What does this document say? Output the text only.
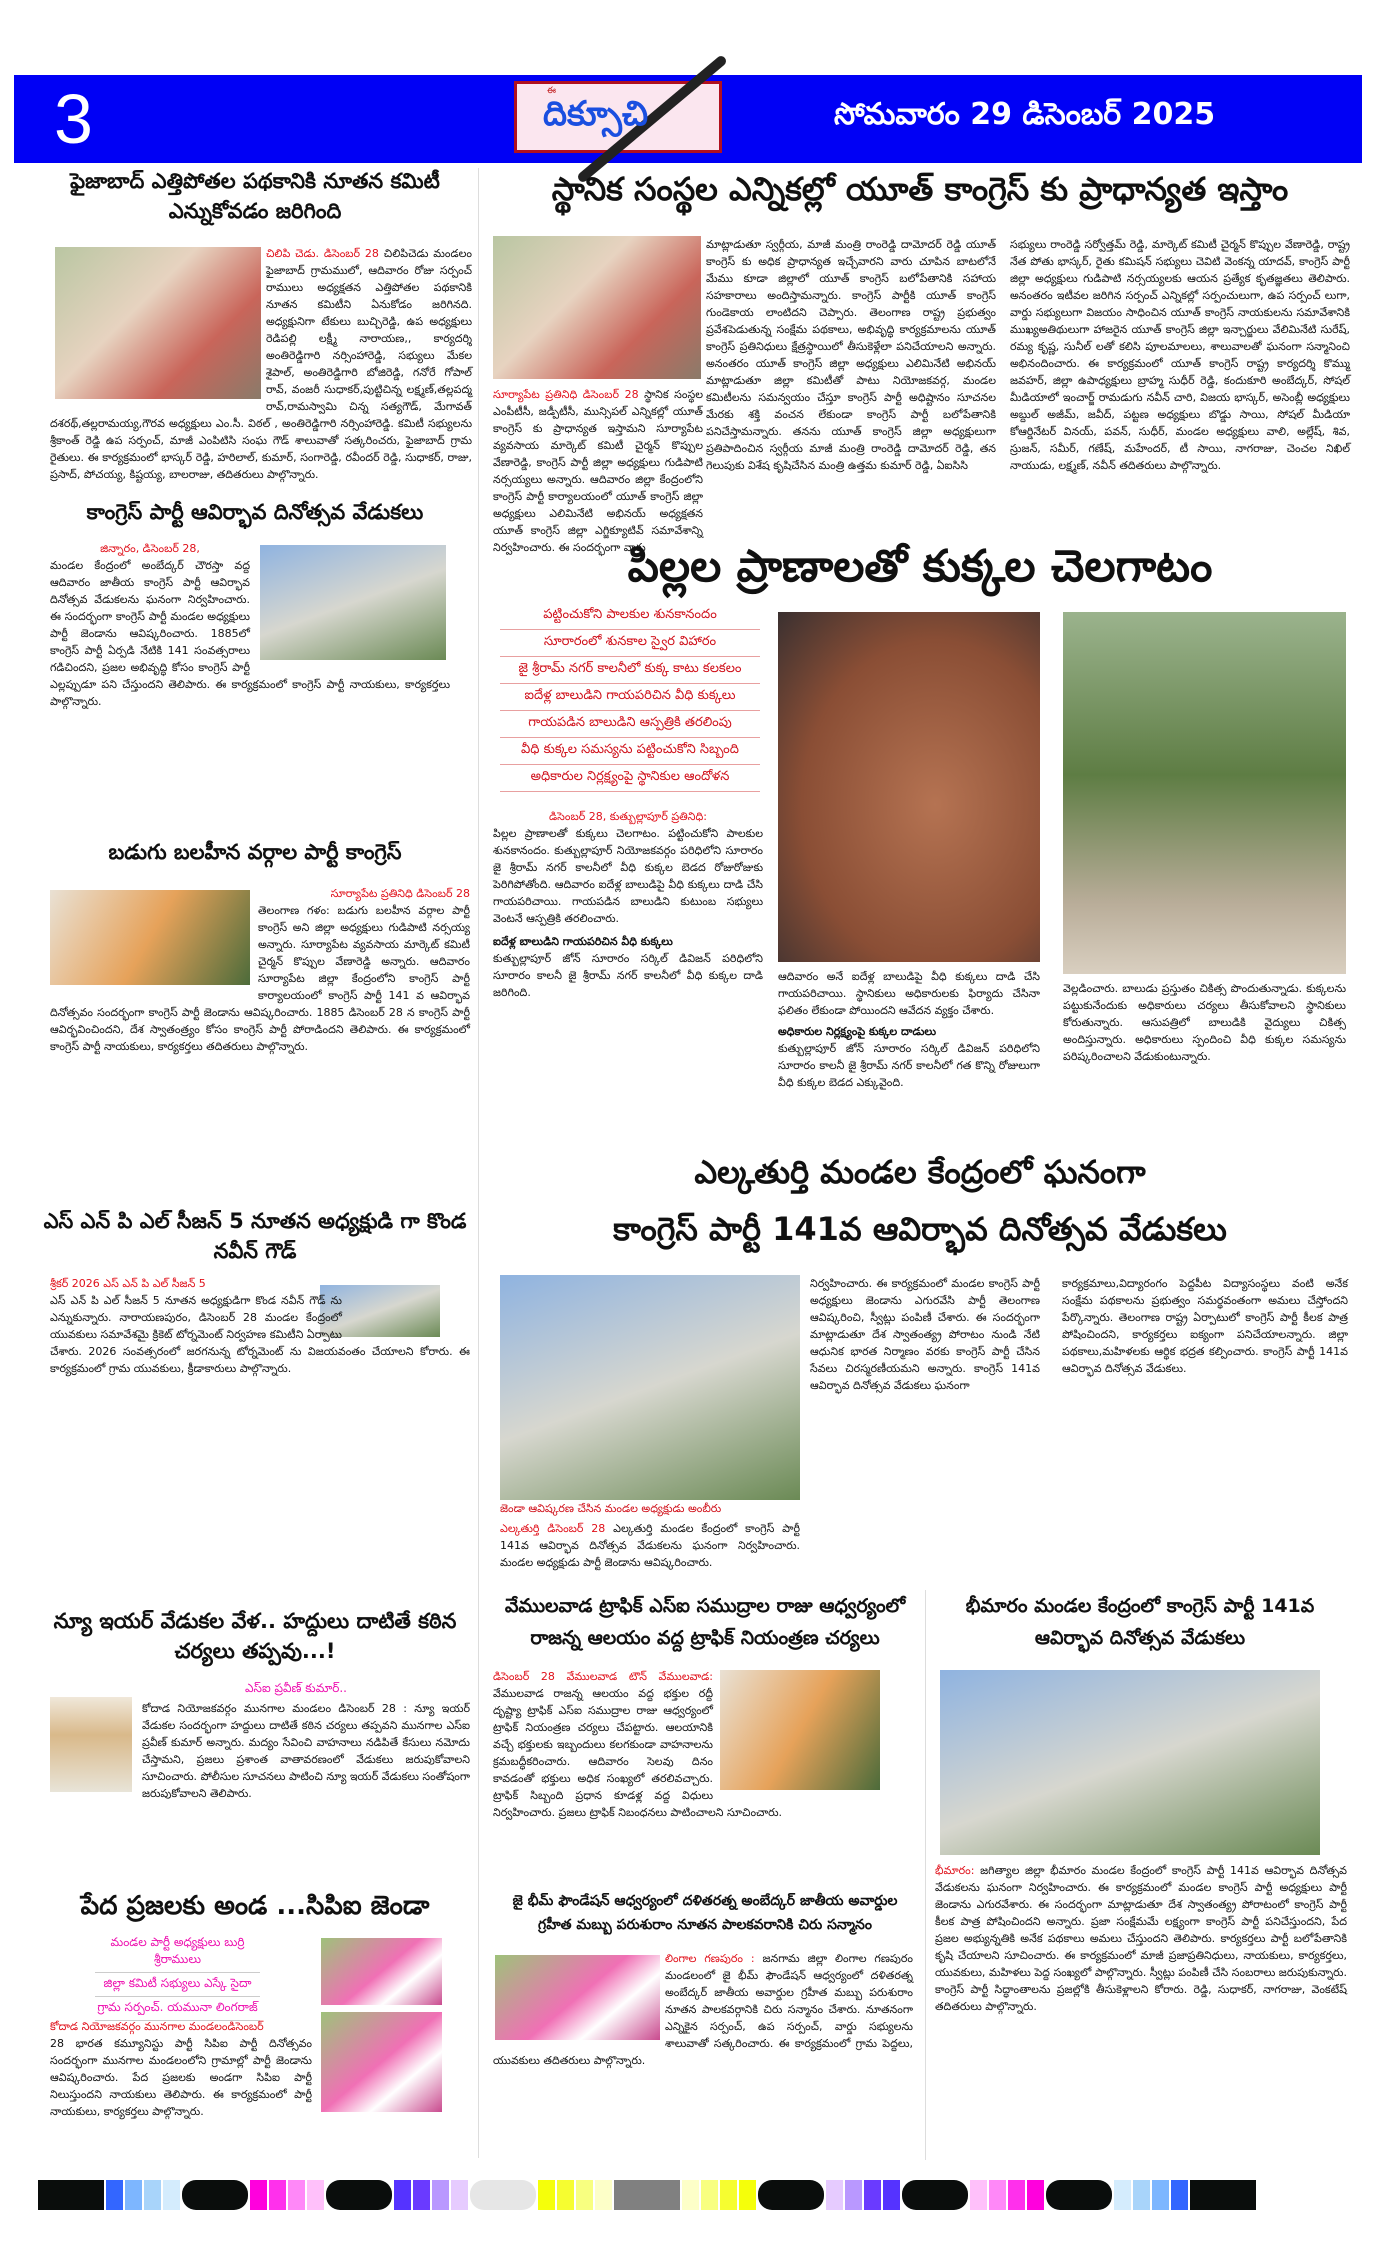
3	ఈ
దిక్సూచి	సోమవారం 29 డిసెంబర్ 2025
ఫైజాబాద్ ఎత్తిపోతల పథకానికి నూతన కమిటీ ఎన్నుకోవడం జరిగింది
చిలిపి చెడు. డిసెంబర్ 28 చిలిపిచెడు మండలం ఫైజాబాద్ గ్రామములో, ఆదివారం రోజు సర్పంచ్ రాములు అధ్యక్షతన ఎత్తిపోతల పథకానికి నూతన కమిటీని ఏనుకోడం జరిగినది. అధ్యక్షునిగా టేకులు బుచ్చిరెడ్డి, ఉప అధ్యక్షులు రెడిపల్లి లక్ష్మీ నారాయణ,, కార్యదర్శి అంతిరెడ్డిగారి నర్సింహారెడ్డి, సభ్యులు మేకల శైపాల్, అంతిరెడ్డిగారి బోజిరెడ్డి, గనోరే గోపాల్ రావ్, వంజరీ సుధాకర్,పుట్టిచిన్న లక్ష్మణ్,తల్లపద్మ రావ్,రామస్వామి చిన్న సత్యగౌడ్, మేగావత్ దశరథ్,తల్లరామయ్య,గౌరవ అధ్యక్షులు ఎం.సీ. విఠల్ , అంతిరెడ్డిగారి నర్సింహారెడ్డి. కమిటీ సభ్యులను శ్రీకాంత్ రెడ్డి ఉప సర్పంచ్, మాజీ ఎంపిటిసి సంఘ గౌడ్ శాలువాతో సత్కరించరు, ఫైజాబాద్ గ్రామ రైతులు. ఈ కార్యక్రమంలో భాస్కర్ రెడ్డి, హరిలాల్, కుమార్, సంగారెడ్డి, రవీందర్ రెడ్డి, సుధాకర్, రాజు, ప్రసాద్, పోచయ్య, కిష్టయ్య, బాలరాజు, తదితరులు పాల్గొన్నారు.
కాంగ్రెస్ పార్టీ ఆవిర్భావ దినోత్సవ వేడుకలు
జిన్నారం, డిసెంబర్ 28,
మండల కేంద్రంలో అంబేద్కర్ చౌరస్తా వద్ద ఆదివారం జాతీయ కాంగ్రెస్ పార్టీ ఆవిర్భావ దినోత్సవ వేడుకలను ఘనంగా నిర్వహించారు. ఈ సందర్భంగా కాంగ్రెస్ పార్టీ మండల అధ్యక్షులు పార్టీ జెండాను ఆవిష్కరించారు. 1885లో కాంగ్రెస్ పార్టీ ఏర్పడి నేటికి 141 సంవత్సరాలు గడిచిందని, ప్రజల అభివృద్ధి కోసం కాంగ్రెస్ పార్టీ ఎల్లప్పుడూ పని చేస్తుందని తెలిపారు. ఈ కార్యక్రమంలో కాంగ్రెస్ పార్టీ నాయకులు, కార్యకర్తలు పాల్గొన్నారు.
బడుగు బలహీన వర్గాల పార్టీ కాంగ్రెస్
సూర్యాపేట ప్రతినిధి డిసెంబర్ 28
తెలంగాణ గళం: బడుగు బలహీన వర్గాల పార్టీ కాంగ్రెస్ అని జిల్లా అధ్యక్షులు గుడిపాటి నర్సయ్య అన్నారు. సూర్యాపేట వ్యవసాయ మార్కెట్ కమిటీ చైర్మన్ కొప్పుల వేణారెడ్డి అన్నారు. ఆదివారం సూర్యాపేట జిల్లా కేంద్రంలోని కాంగ్రెస్ పార్టీ కార్యాలయంలో కాంగ్రెస్ పార్టీ 141 వ ఆవిర్భావ దినోత్సవం సందర్భంగా కాంగ్రెస్ పార్టీ జెండాను ఆవిష్కరించారు. 1885 డిసెంబర్ 28 న కాంగ్రెస్ పార్టీ ఆవిర్భవించిందని, దేశ స్వాతంత్ర్యం కోసం కాంగ్రెస్ పార్టీ పోరాడిందని తెలిపారు. ఈ కార్యక్రమంలో కాంగ్రెస్ పార్టీ నాయకులు, కార్యకర్తలు తదితరులు పాల్గొన్నారు.
ఎస్ ఎన్ పి ఎల్ సీజన్ 5 నూతన అధ్యక్షుడి గా కొండ నవీన్ గౌడ్
శ్రీకర్ 2026 ఎస్ ఎన్ పి ఎల్ సీజన్ 5
ఎస్ ఎన్ పి ఎల్ సీజన్ 5 నూతన అధ్యక్షుడిగా కొండ నవీన్ గౌడ్ ను ఎన్నుకున్నారు. నారాయణపురం, డిసెంబర్ 28 మండల కేంద్రంలో యువకులు సమావేశమై క్రికెట్ టోర్నమెంట్ నిర్వహణ కమిటీని ఏర్పాటు చేశారు. 2026 సంవత్సరంలో జరగనున్న టోర్నమెంట్ ను విజయవంతం చేయాలని కోరారు. ఈ కార్యక్రమంలో గ్రామ యువకులు, క్రీడాకారులు పాల్గొన్నారు.
న్యూ ఇయర్ వేడుకల వేళ.. హద్దులు దాటితే కఠిన చర్యలు తప్పవు...!
ఎస్ఐ ప్రవీణ్ కుమార్..
కోదాడ నియోజకవర్గం మునగాల మండలం డిసెంబర్ 28 : న్యూ ఇయర్ వేడుకల సందర్భంగా హద్దులు దాటితే కఠిన చర్యలు తప్పవని మునగాల ఎస్ఐ ప్రవీణ్ కుమార్ అన్నారు. మద్యం సేవించి వాహనాలు నడిపితే కేసులు నమోదు చేస్తామని, ప్రజలు ప్రశాంత వాతావరణంలో వేడుకలు జరుపుకోవాలని సూచించారు. పోలీసుల సూచనలు పాటించి న్యూ ఇయర్ వేడుకలు సంతోషంగా జరుపుకోవాలని తెలిపారు.
పేద ప్రజలకు అండ ...సిపిఐ జెండా
మండల పార్టీ అధ్యక్షులు బుర్రి శ్రీరాములు
జిల్లా కమిటీ సభ్యులు ఎస్కే సైదా
గ్రామ సర్పంచ్. యమునా లింగరాజ్
కోదాడ నియోజకవర్గం మునగాల మండలండిసెంబర్
28 భారత కమ్యూనిస్టు పార్టీ సిపిఐ పార్టీ దినోత్సవం సందర్భంగా మునగాల మండలంలోని గ్రామాల్లో పార్టీ జెండాను ఆవిష్కరించారు. పేద ప్రజలకు అండగా సిపిఐ పార్టీ నిలుస్తుందని నాయకులు తెలిపారు. ఈ కార్యక్రమంలో పార్టీ నాయకులు, కార్యకర్తలు పాల్గొన్నారు.
స్థానిక సంస్థల ఎన్నికల్లో యూత్ కాంగ్రెస్ కు ప్రాధాన్యత ఇస్తాం
సూర్యాపేట ప్రతినిధి డిసెంబర్ 28 స్థానిక సంస్థల ఎంపీటీసీ, జడ్పీటీసీ, మున్సిపల్ ఎన్నికల్లో యూత్ కాంగ్రెస్ కు ప్రాధాన్యత ఇస్తామని సూర్యాపేట వ్యవసాయ మార్కెట్ కమిటీ చైర్మన్ కొప్పుల వేణారెడ్డి, కాంగ్రెస్ పార్టీ జిల్లా అధ్యక్షులు గుడిపాటి నర్సయ్యలు అన్నారు. ఆదివారం జిల్లా కేంద్రంలోని కాంగ్రెస్ పార్టీ కార్యాలయంలో యూత్ కాంగ్రెస్ జిల్లా అధ్యక్షులు ఎలిమినేటి అభినయ్ అధ్యక్షతన యూత్ కాంగ్రెస్ జిల్లా ఎగ్జిక్యూటివ్ సమావేశాన్ని నిర్వహించారు. ఈ సందర్భంగా వారు
మాట్లాడుతూ స్వర్గీయ, మాజీ మంత్రి రాంరెడ్డి దామోదర్ రెడ్డి యూత్ కాంగ్రెస్ కు అధిక ప్రాధాన్యత ఇచ్చేవారని వారు చూపిన బాటలోనే మేము కూడా జిల్లాలో యూత్ కాంగ్రెస్ బలోపేతానికి సహాయ సహకారాలు అందిస్తామన్నారు. కాంగ్రెస్ పార్టీకి యూత్ కాంగ్రెస్ గుండెకాయ లాంటిదని చెప్పారు. తెలంగాణ రాష్ట్ర ప్రభుత్వం ప్రవేశపెడుతున్న సంక్షేమ పథకాలు, అభివృద్ధి కార్యక్రమాలను యూత్ కాంగ్రెస్ ప్రతినిధులు క్షేత్రస్థాయిలో తీసుకెళ్లేలా పనిచేయాలని అన్నారు. అనంతరం యూత్ కాంగ్రెస్ జిల్లా అధ్యక్షులు ఎలిమినేటి అభినయ్ మాట్లాడుతూ జిల్లా కమిటీతో పాటు నియోజకవర్గ, మండల కమిటీలను సమన్వయం చేస్తూ కాంగ్రెస్ పార్టీ అధిష్టానం సూచనల మేరకు శక్తి వంచన లేకుండా కాంగ్రెస్ పార్టీ బలోపేతానికి పనిచేస్తామన్నారు. తనను యూత్ కాంగ్రెస్ జిల్లా అధ్యక్షులుగా ప్రతిపాదించిన స్వర్గీయ మాజీ మంత్రి రాంరెడ్డి దామోదర్ రెడ్డి, తన గెలుపుకు విశేష కృషిచేసిన మంత్రి ఉత్తమ కుమార్ రెడ్డి, ఏఐసిసి
సభ్యులు రాంరెడ్డి సర్వోత్తమ్ రెడ్డి, మార్కెట్ కమిటీ చైర్మన్ కొప్పుల వేణారెడ్డి, రాష్ట్ర నేత పోతు భాస్కర్, రైతు కమిషన్ సభ్యులు చెవిటి వెంకన్న యాదవ్, కాంగ్రెస్ పార్టీ జిల్లా అధ్యక్షులు గుడిపాటి నర్సయ్యలకు ఆయన ప్రత్యేక కృతజ్ఞతలు తెలిపారు. అనంతరం ఇటీవల జరిగిన సర్పంచ్ ఎన్నికల్లో సర్పంచులుగా, ఉప సర్పంచ్ లుగా, వార్డు సభ్యులుగా విజయం సాధించిన యూత్ కాంగ్రెస్ నాయకులను సమావేశానికి ముఖ్యఅతిథులుగా హాజరైన యూత్ కాంగ్రెస్ జిల్లా ఇన్చార్జులు వేలిమినేటి సురేష్, రమ్య కృష్ణ, సునీల్ లతో కలిసి పూలమాలలు, శాలువాలతో ఘనంగా సన్మానించి అభినందించారు. ఈ కార్యక్రమంలో యూత్ కాంగ్రెస్ రాష్ట్ర కార్యదర్శి కొమ్ము జవహర్, జిల్లా ఉపాధ్యక్షులు బ్రాహ్మ సుధీర్ రెడ్డి, కందుకూరి అంబేద్కర్, సోషల్ మీడియాలో ఇంచార్జ్ రామడుగు నవీన్ చారి, విజయ భాస్కర్, అసెంబ్లీ అధ్యక్షులు అబ్దుల్ అజీమ్, జవీద్, పట్టణ అధ్యక్షులు బొడ్డు సాయి, సోషల్ మీడియా కోఆర్డినేటర్ వినయ్, పవన్, సుధీర్, మండల అధ్యక్షులు వాలి, అల్లేష్, శివ, స్రుజన్, సమీర్, గణేష్, మహేందర్, టీ సాయి, నాగరాజు, చెంచల నిఖిల్ నాయుడు, లక్ష్మణ్, నవీన్ తదితరులు పాల్గొన్నారు.
పిల్లల ప్రాణాలతో కుక్కల చెలగాటం
పట్టించుకోని పాలకుల శునకానందం
సూరారంలో శునకాల స్వైర విహారం
జై శ్రీరామ్ నగర్ కాలనీలో కుక్క కాటు కలకలం
ఐదేళ్ల బాలుడిని గాయపరిచిన వీధి కుక్కలు
గాయపడిన బాలుడిని ఆస్పత్రికి తరలింపు
వీధి కుక్కల సమస్యను పట్టించుకోని సిబ్బంది
అధికారుల నిర్లక్ష్యంపై స్థానికుల ఆందోళన
డిసెంబర్ 28, కుత్బుల్లాపూర్ ప్రతినిధి:
పిల్లల ప్రాణాలతో కుక్కలు చెలగాటం. పట్టించుకోని పాలకుల శునకానందం. కుత్బుల్లాపూర్ నియోజకవర్గం పరిధిలోని సూరారం జై శ్రీరామ్ నగర్ కాలనీలో వీధి కుక్కల బెడద రోజురోజుకు పెరిగిపోతోంది. ఆదివారం ఐదేళ్ల బాలుడిపై వీధి కుక్కలు దాడి చేసి గాయపరిచాయి. గాయపడిన బాలుడిని కుటుంబ సభ్యులు వెంటనే ఆస్పత్రికి తరలించారు.
ఐదేళ్ల బాలుడిని గాయపరిచిన వీధి కుక్కలు
కుత్బుల్లాపూర్ జోన్ సూరారం సర్కిల్ డివిజన్ పరిధిలోని సూరారం కాలనీ జై శ్రీరామ్ నగర్ కాలనీలో వీధి కుక్కల దాడి జరిగింది.
ఆదివారం అనే ఐదేళ్ల బాలుడిపై వీధి కుక్కలు దాడి చేసి గాయపరిచాయి. స్థానికులు అధికారులకు ఫిర్యాదు చేసినా ఫలితం లేకుండా పోయిందని ఆవేదన వ్యక్తం చేశారు.
అధికారుల నిర్లక్ష్యంపై కుక్కల దాడులు
కుత్బుల్లాపూర్ జోన్ సూరారం సర్కిల్ డివిజన్ పరిధిలోని సూరారం కాలనీ జై శ్రీరామ్ నగర్ కాలనీలో గత కొన్ని రోజులుగా వీధి కుక్కల బెడద ఎక్కువైంది.
వెల్లడించారు. బాలుడు ప్రస్తుతం చికిత్స పొందుతున్నాడు. కుక్కలను పట్టుకునేందుకు అధికారులు చర్యలు తీసుకోవాలని స్థానికులు కోరుతున్నారు. ఆసుపత్రిలో బాలుడికి వైద్యులు చికిత్స అందిస్తున్నారు. అధికారులు స్పందించి వీధి కుక్కల సమస్యను పరిష్కరించాలని వేడుకుంటున్నారు.
ఎల్కతుర్తి మండల కేంద్రంలో ఘనంగా
కాంగ్రెస్ పార్టీ 141వ ఆవిర్భావ దినోత్సవ వేడుకలు
జెండా ఆవిష్కరణ చేసిన మండల అధ్యక్షుడు అంబీరు
ఎల్కతుర్తి డిసెంబర్ 28 ఎల్కతుర్తి మండల కేంద్రంలో కాంగ్రెస్ పార్టీ 141వ ఆవిర్భావ దినోత్సవ వేడుకలను ఘనంగా నిర్వహించారు. మండల అధ్యక్షుడు పార్టీ జెండాను ఆవిష్కరించారు.
నిర్వహించారు. ఈ కార్యక్రమంలో మండల కాంగ్రెస్ పార్టీ అధ్యక్షులు జెండాను ఎగురవేసి పార్టీ తెలంగాణ ఆవిష్కరించి, స్వీట్లు పంపిణీ చేశారు. ఈ సందర్భంగా మాట్లాడుతూ దేశ స్వాతంత్య్ర పోరాటం నుండి నేటి ఆధునిక భారత నిర్మాణం వరకు కాంగ్రెస్ పార్టీ చేసిన సేవలు చిరస్మరణీయమని అన్నారు. కాంగ్రెస్ 141వ ఆవిర్భావ దినోత్సవ వేడుకలు ఘనంగా
కార్యక్రమాలు,విద్యారంగం పెద్దపీట విద్యాసంస్థలు వంటి అనేక సంక్షేమ పథకాలను ప్రభుత్వం సమర్థవంతంగా అమలు చేస్తోందని పేర్కొన్నారు. తెలంగాణ రాష్ట్ర ఏర్పాటులో కాంగ్రెస్ పార్టీ కీలక పాత్ర పోషించిందని, కార్యకర్తలు ఐక్యంగా పనిచేయాలన్నారు. జిల్లా పథకాలు,మహిళలకు ఆర్థిక భద్రత కల్పించారు. కాంగ్రెస్ పార్టీ 141వ ఆవిర్భావ దినోత్సవ వేడుకలు.
వేములవాడ ట్రాఫిక్ ఎస్ఐ సముద్రాల రాజు ఆధ్వర్యంలో రాజన్న ఆలయం వద్ద ట్రాఫిక్ నియంత్రణ చర్యలు
డిసెంబర్ 28 వేములవాడ టౌన్ వేములవాడ: వేములవాడ రాజన్న ఆలయం వద్ద భక్తుల రద్దీ దృష్ట్యా ట్రాఫిక్ ఎస్ఐ సముద్రాల రాజు ఆధ్వర్యంలో ట్రాఫిక్ నియంత్రణ చర్యలు చేపట్టారు. ఆలయానికి వచ్చే భక్తులకు ఇబ్బందులు కలగకుండా వాహనాలను క్రమబద్ధీకరించారు. ఆదివారం సెలవు దినం కావడంతో భక్తులు అధిక సంఖ్యలో తరలివచ్చారు. ట్రాఫిక్ సిబ్బంది ప్రధాన కూడళ్ల వద్ద విధులు నిర్వహించారు. ప్రజలు ట్రాఫిక్ నిబంధనలు పాటించాలని సూచించారు.
జై భీమ్ ఫౌండేషన్ ఆధ్వర్యంలో దళితరత్న అంబేద్కర్ జాతీయ అవార్డుల
గ్రహీత మబ్బు పరుశురాం నూతన పాలకవరానికి చిరు సన్మానం
లింగాల గణపురం : జనగామ జిల్లా లింగాల గణపురం మండలంలో జై భీమ్ ఫౌండేషన్ ఆధ్వర్యంలో దళితరత్న అంబేద్కర్ జాతీయ అవార్డుల గ్రహీత మబ్బు పరుశురాం నూతన పాలకవర్గానికి చిరు సన్మానం చేశారు. నూతనంగా ఎన్నికైన సర్పంచ్, ఉప సర్పంచ్, వార్డు సభ్యులను శాలువాతో సత్కరించారు. ఈ కార్యక్రమంలో గ్రామ పెద్దలు, యువకులు తదితరులు పాల్గొన్నారు.
భీమారం మండల కేంద్రంలో కాంగ్రెస్ పార్టీ 141వ ఆవిర్భావ దినోత్సవ వేడుకలు
భీమారం: జగిత్యాల జిల్లా భీమారం మండల కేంద్రంలో కాంగ్రెస్ పార్టీ 141వ ఆవిర్భావ దినోత్సవ వేడుకలను ఘనంగా నిర్వహించారు. ఈ కార్యక్రమంలో మండల కాంగ్రెస్ పార్టీ అధ్యక్షులు పార్టీ జెండాను ఎగురవేశారు. ఈ సందర్భంగా మాట్లాడుతూ దేశ స్వాతంత్య్ర పోరాటంలో కాంగ్రెస్ పార్టీ కీలక పాత్ర పోషించిందని అన్నారు. ప్రజా సంక్షేమమే లక్ష్యంగా కాంగ్రెస్ పార్టీ పనిచేస్తుందని, పేద ప్రజల అభ్యున్నతికి అనేక పథకాలు అమలు చేస్తుందని తెలిపారు. కార్యకర్తలు పార్టీ బలోపేతానికి కృషి చేయాలని సూచించారు. ఈ కార్యక్రమంలో మాజీ ప్రజాప్రతినిధులు, నాయకులు, కార్యకర్తలు, యువకులు, మహిళలు పెద్ద సంఖ్యలో పాల్గొన్నారు. స్వీట్లు పంపిణీ చేసి సంబరాలు జరుపుకున్నారు. కాంగ్రెస్ పార్టీ సిద్ధాంతాలను ప్రజల్లోకి తీసుకెళ్లాలని కోరారు. రెడ్డి, సుధాకర్, నాగరాజు, వెంకటేష్ తదితరులు పాల్గొన్నారు.
